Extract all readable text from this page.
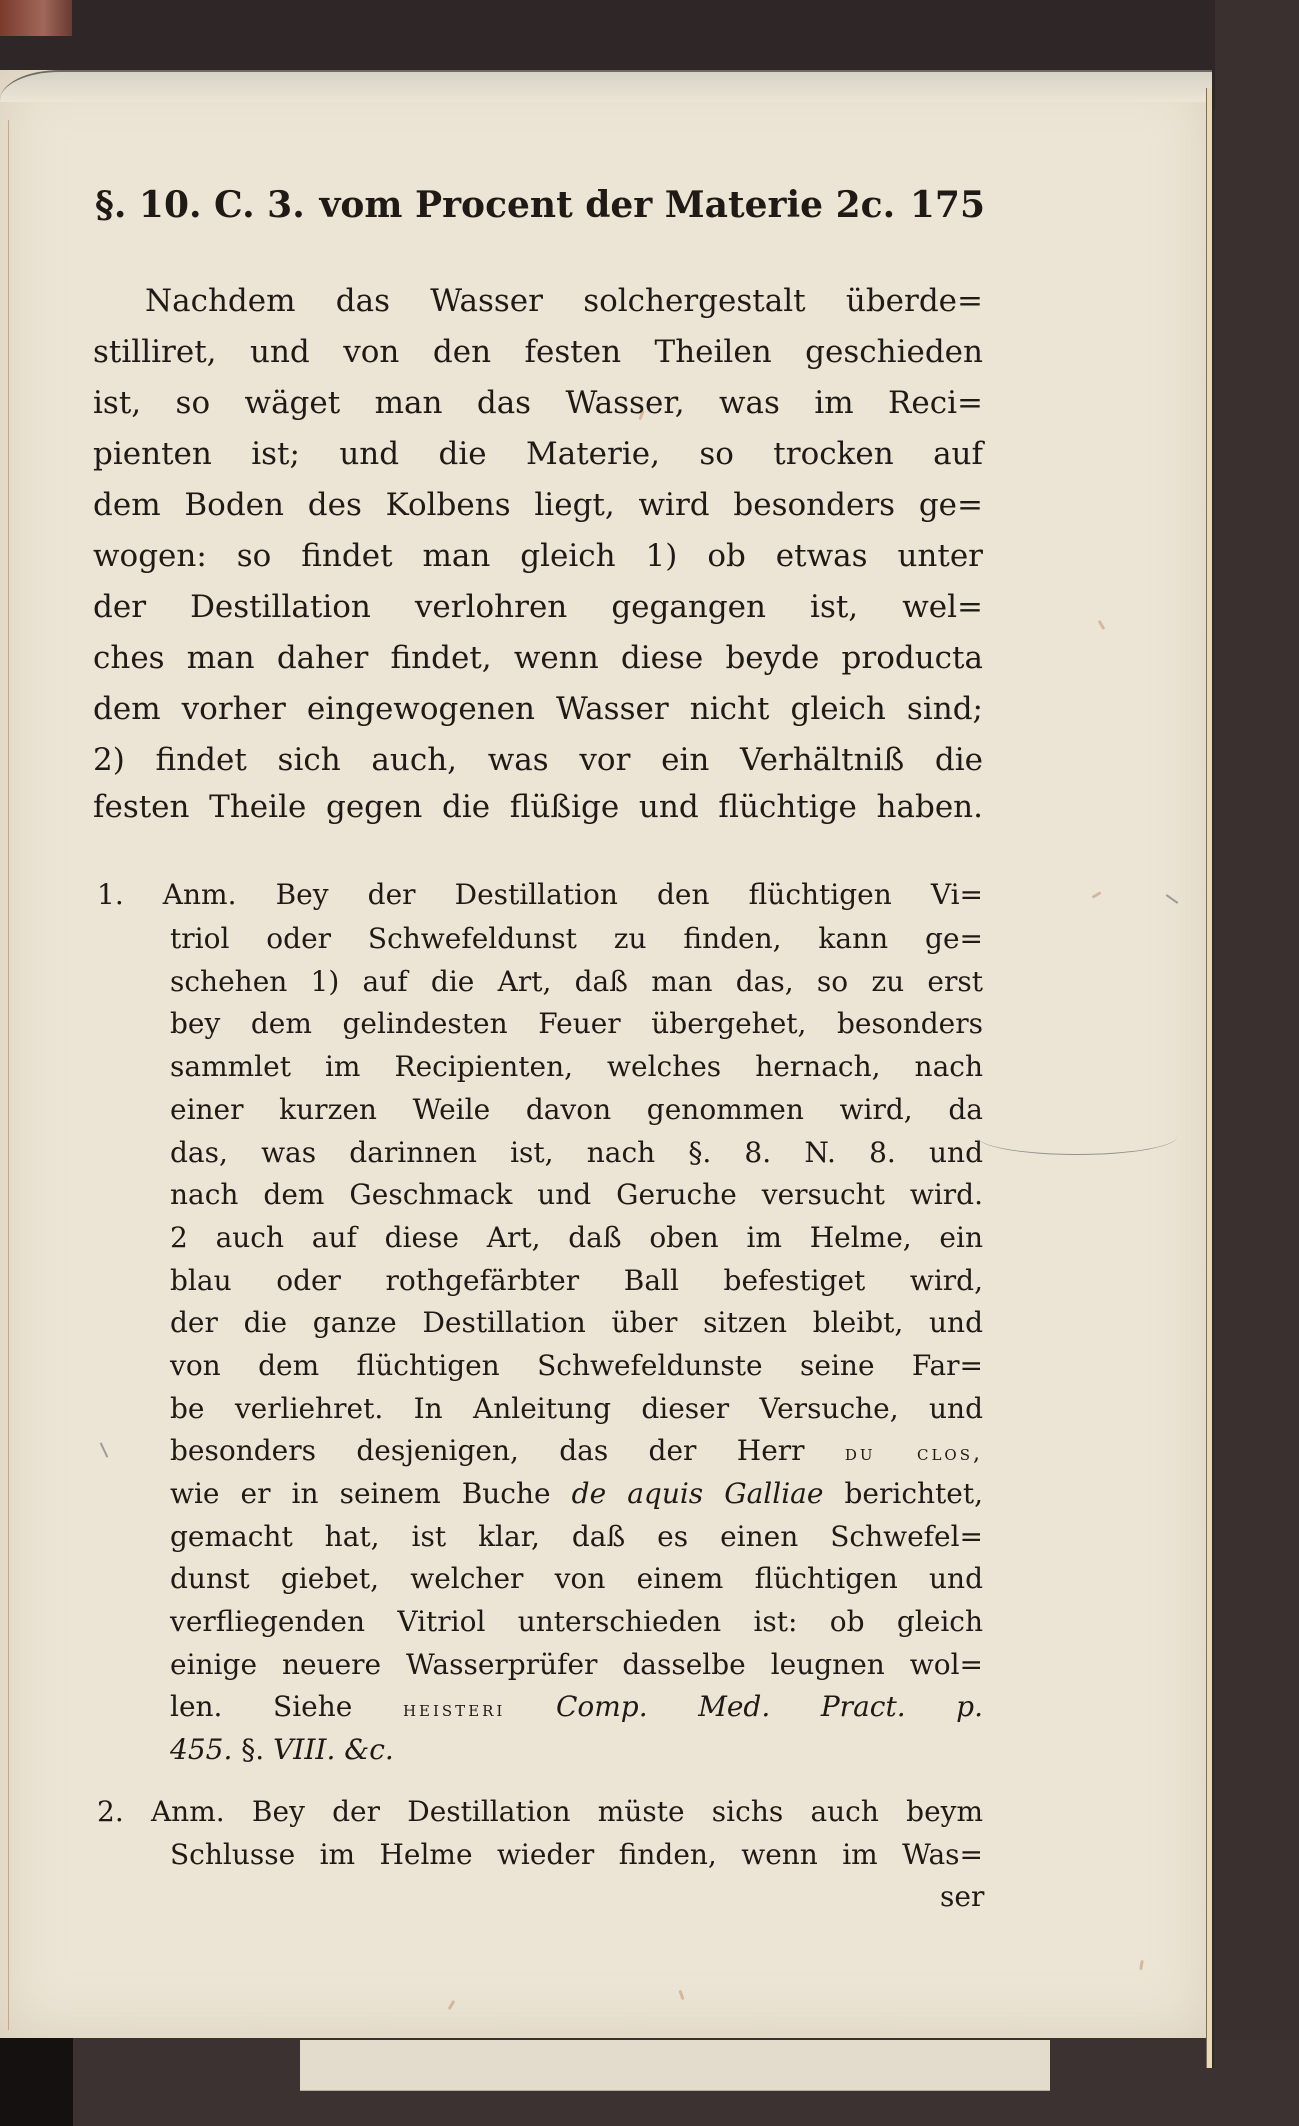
§. 10. C. 3. vom Procent der Materie 2c. 175
Nachdem das Wasser solchergestalt überde=
stilliret, und von den festen Theilen geschieden
ist, so wäget man das Wasser, was im Reci=
pienten ist; und die Materie, so trocken auf
dem Boden des Kolbens liegt, wird besonders ge=
wogen: so findet man gleich 1) ob etwas unter
der Destillation verlohren gegangen ist, wel=
ches man daher findet, wenn diese beyde producta
dem vorher eingewogenen Wasser nicht gleich sind;
2) findet sich auch, was vor ein Verhältniß die
festen Theile gegen die flüßige und flüchtige haben.
1. Anm. Bey der Destillation den flüchtigen Vi=
triol oder Schwefeldunst zu finden, kann ge=
schehen 1) auf die Art, daß man das, so zu erst
bey dem gelindesten Feuer übergehet, besonders
sammlet im Recipienten, welches hernach, nach
einer kurzen Weile davon genommen wird, da
das, was darinnen ist, nach §. 8. N. 8. und
nach dem Geschmack und Geruche versucht wird.
2 auch auf diese Art, daß oben im Helme, ein
blau oder rothgefärbter Ball befestiget wird,
der die ganze Destillation über sitzen bleibt, und
von dem flüchtigen Schwefeldunste seine Far=
be verliehret. In Anleitung dieser Versuche, und
besonders desjenigen, das der Herr du clos,
wie er in seinem Buche de aquis Galliae berichtet,
gemacht hat, ist klar, daß es einen Schwefel=
dunst giebet, welcher von einem flüchtigen und
verfliegenden Vitriol unterschieden ist: ob gleich
einige neuere Wasserprüfer dasselbe leugnen wol=
len. Siehe heisteri Comp. Med. Pract. p.
455. §. VIII. &c.
2. Anm. Bey der Destillation müste sichs auch beym
Schlusse im Helme wieder finden, wenn im Was=
ser
